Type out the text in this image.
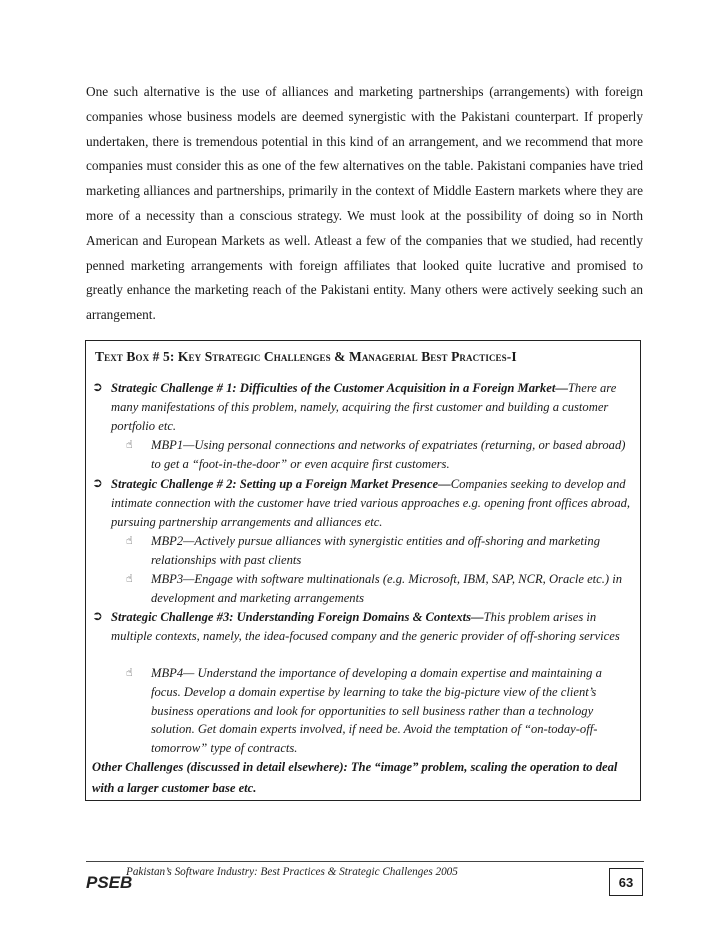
One such alternative is the use of alliances and marketing partnerships (arrangements) with foreign companies whose business models are deemed synergistic with the Pakistani counterpart. If properly undertaken, there is tremendous potential in this kind of an arrangement, and we recommend that more companies must consider this as one of the few alternatives on the table. Pakistani companies have tried marketing alliances and partnerships, primarily in the context of Middle Eastern markets where they are more of a necessity than a conscious strategy. We must look at the possibility of doing so in North American and European Markets as well. Atleast a few of the companies that we studied, had recently penned marketing arrangements with foreign affiliates that looked quite lucrative and promised to greatly enhance the marketing reach of the Pakistani entity. Many others were actively seeking such an arrangement.

Text Box # 5: Key Strategic Challenges & Managerial Best Practices-I

➲ Strategic Challenge # 1: Difficulties of the Customer Acquisition in a Foreign Market—There are many manifestations of this problem, namely, acquiring the first customer and building a customer portfolio etc.

☝ MBP1—Using personal connections and networks of expatriates (returning, or based abroad) to get a “foot-in-the-door” or even acquire first customers.

➲ Strategic Challenge # 2: Setting up a Foreign Market Presence—Companies seeking to develop and intimate connection with the customer have tried various approaches e.g. opening front offices abroad, pursuing partnership arrangements and alliances etc.

☝ MBP2—Actively pursue alliances with synergistic entities and off-shoring and marketing relationships with past clients

☝ MBP3—Engage with software multinationals (e.g. Microsoft, IBM, SAP, NCR, Oracle etc.) in development and marketing arrangements

➲ Strategic Challenge #3: Understanding Foreign Domains & Contexts—This problem arises in multiple contexts, namely, the idea-focused company and the generic provider of off-shoring services

☝ MBP4— Understand the importance of developing a domain expertise and maintaining a focus. Develop a domain expertise by learning to take the big-picture view of the client’s business operations and look for opportunities to sell business rather than a technology solution. Get domain experts involved, if need be. Avoid the temptation of “on-today-off-tomorrow” type of contracts.

Other Challenges (discussed in detail elsewhere): The “image” problem, scaling the operation to deal with a larger customer base etc.

PSEB

Pakistan’s Software Industry: Best Practices & Strategic Challenges 2005

63
